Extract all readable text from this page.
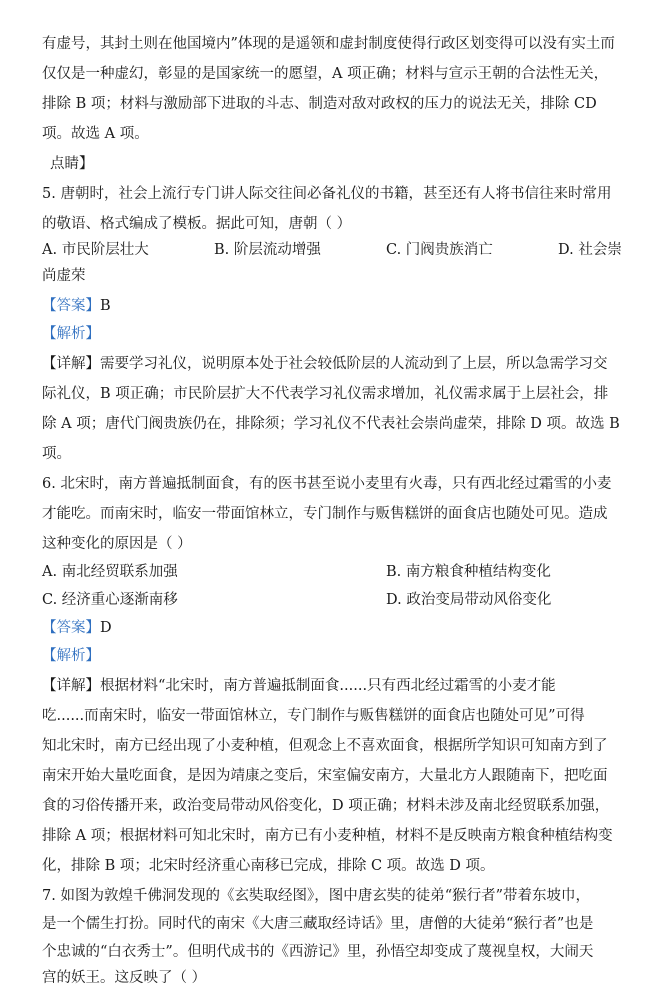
有虚号，其封土则在他国境内”体现的是遥领和虚封制度使得行政区划变得可以没有实土而
仅仅是一种虚幻，彰显的是国家统一的愿望，A 项正确；材料与宣示王朝的合法性无关，
排除 B 项；材料与激励部下进取的斗志、制造对敌对政权的压力的说法无关，排除 CD
项。故选 A 项。
点睛】
5. 唐朝时，社会上流行专门讲人际交往间必备礼仪的书籍，甚至还有人将书信往来时常用
的敬语、格式编成了模板。据此可知，唐朝（ ）
A. 市民阶层壮大	B. 阶层流动增强	C. 门阀贵族消亡	D. 社会崇
尚虚荣
【答案】B
【解析】
【详解】需要学习礼仪，说明原本处于社会较低阶层的人流动到了上层，所以急需学习交
际礼仪，B 项正确；市民阶层扩大不代表学习礼仪需求增加，礼仪需求属于上层社会，排
除 A 项；唐代门阀贵族仍在，排除须；学习礼仪不代表社会崇尚虚荣，排除 D 项。故选 B
项。
6. 北宋时，南方普遍抵制面食，有的医书甚至说小麦里有火毒，只有西北经过霜雪的小麦
才能吃。而南宋时，临安一带面馆林立，专门制作与贩售糕饼的面食店也随处可见。造成
这种变化的原因是（ ）
A. 南北经贸联系加强	B. 南方粮食种植结构变化
C. 经济重心逐渐南移	D. 政治变局带动风俗变化
【答案】D
【解析】
【详解】根据材料“北宋时，南方普遍抵制面食......只有西北经过霜雪的小麦才能
吃......而南宋时，临安一带面馆林立，专门制作与贩售糕饼的面食店也随处可见”可得
知北宋时，南方已经出现了小麦种植，但观念上不喜欢面食，根据所学知识可知南方到了
南宋开始大量吃面食，是因为靖康之变后，宋室偏安南方，大量北方人跟随南下，把吃面
食的习俗传播开来，政治变局带动风俗变化，D 项正确；材料未涉及南北经贸联系加强，
排除 A 项；根据材料可知北宋时，南方已有小麦种植，材料不是反映南方粮食种植结构变
化，排除 B 项；北宋时经济重心南移已完成，排除 C 项。故选 D 项。
7. 如图为敦煌千佛洞发现的《玄奘取经图》，图中唐玄奘的徒弟“猴行者”带着东坡巾，
是一个儒生打扮。同时代的南宋《大唐三藏取经诗话》里，唐僧的大徒弟“猴行者”也是
个忠诚的“白衣秀士”。但明代成书的《西游记》里，孙悟空却变成了蔑视皇权，大闹天
宫的妖王。这反映了（ ）
